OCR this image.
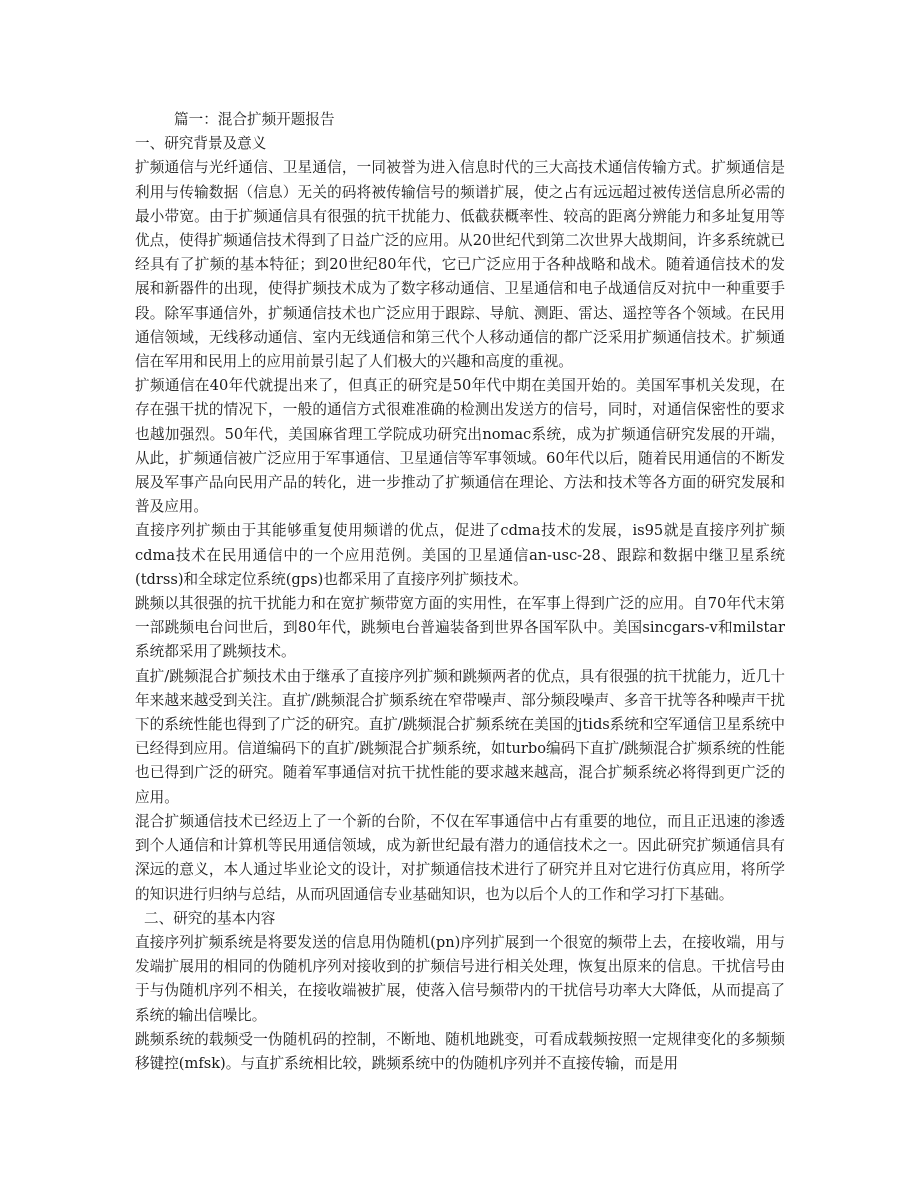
篇一：混合扩频开题报告
一、研究背景及意义

扩频通信与光纤通信、卫星通信，一同被誉为进入信息时代的三大高技术通信传输方式。扩频通信是利用与传输数据（信息）无关的码将被传输信号的频谱扩展，使之占有远远超过被传送信息所必需的最小带宽。由于扩频通信具有很强的抗干扰能力、低截获概率性、较高的距离分辨能力和多址复用等优点，使得扩频通信技术得到了日益广泛的应用。从20世纪代到第二次世界大战期间，许多系统就已经具有了扩频的基本特征；到20世纪80年代，它已广泛应用于各种战略和战术。随着通信技术的发展和新器件的出现，使得扩频技术成为了数字移动通信、卫星通信和电子战通信反对抗中一种重要手段。除军事通信外，扩频通信技术也广泛应用于跟踪、导航、测距、雷达、遥控等各个领域。在民用通信领域，无线移动通信、室内无线通信和第三代个人移动通信的都广泛采用扩频通信技术。扩频通信在军用和民用上的应用前景引起了人们极大的兴趣和高度的重视。

扩频通信在40年代就提出来了，但真正的研究是50年代中期在美国开始的。美国军事机关发现，在存在强干扰的情况下，一般的通信方式很难准确的检测出发送方的信号，同时，对通信保密性的要求也越加强烈。50年代，美国麻省理工学院成功研究出nomac系统，成为扩频通信研究发展的开端，从此，扩频通信被广泛应用于军事通信、卫星通信等军事领域。60年代以后，随着民用通信的不断发展及军事产品向民用产品的转化，进一步推动了扩频通信在理论、方法和技术等各方面的研究发展和普及应用。

直接序列扩频由于其能够重复使用频谱的优点，促进了cdma技术的发展，is95就是直接序列扩频cdma技术在民用通信中的一个应用范例。美国的卫星通信an-usc-28、跟踪和数据中继卫星系统(tdrss)和全球定位系统(gps)也都采用了直接序列扩频技术。

跳频以其很强的抗干扰能力和在宽扩频带宽方面的实用性，在军事上得到广泛的应用。自70年代末第一部跳频电台问世后，到80年代，跳频电台普遍装备到世界各国军队中。美国sincgars-v和milstar系统都采用了跳频技术。

直扩/跳频混合扩频技术由于继承了直接序列扩频和跳频两者的优点，具有很强的抗干扰能力，近几十年来越来越受到关注。直扩/跳频混合扩频系统在窄带噪声、部分频段噪声、多音干扰等各种噪声干扰下的系统性能也得到了广泛的研究。直扩/跳频混合扩频系统在美国的jtids系统和空军通信卫星系统中已经得到应用。信道编码下的直扩/跳频混合扩频系统，如turbo编码下直扩/跳频混合扩频系统的性能也已得到广泛的研究。随着军事通信对抗干扰性能的要求越来越高，混合扩频系统必将得到更广泛的应用。

混合扩频通信技术已经迈上了一个新的台阶，不仅在军事通信中占有重要的地位，而且正迅速的渗透到个人通信和计算机等民用通信领域，成为新世纪最有潜力的通信技术之一。因此研究扩频通信具有深远的意义，本人通过毕业论文的设计，对扩频通信技术进行了研究并且对它进行仿真应用，将所学的知识进行归纳与总结，从而巩固通信专业基础知识，也为以后个人的工作和学习打下基础。

二、研究的基本内容

直接序列扩频系统是将要发送的信息用伪随机(pn)序列扩展到一个很宽的频带上去，在接收端，用与发端扩展用的相同的伪随机序列对接收到的扩频信号进行相关处理，恢复出原来的信息。干扰信号由于与伪随机序列不相关，在接收端被扩展，使落入信号频带内的干扰信号功率大大降低，从而提高了系统的输出信噪比。

跳频系统的载频受一伪随机码的控制，不断地、随机地跳变，可看成载频按照一定规律变化的多频频移键控(mfsk)。与直扩系统相比较，跳频系统中的伪随机序列并不直接传输，而是用
